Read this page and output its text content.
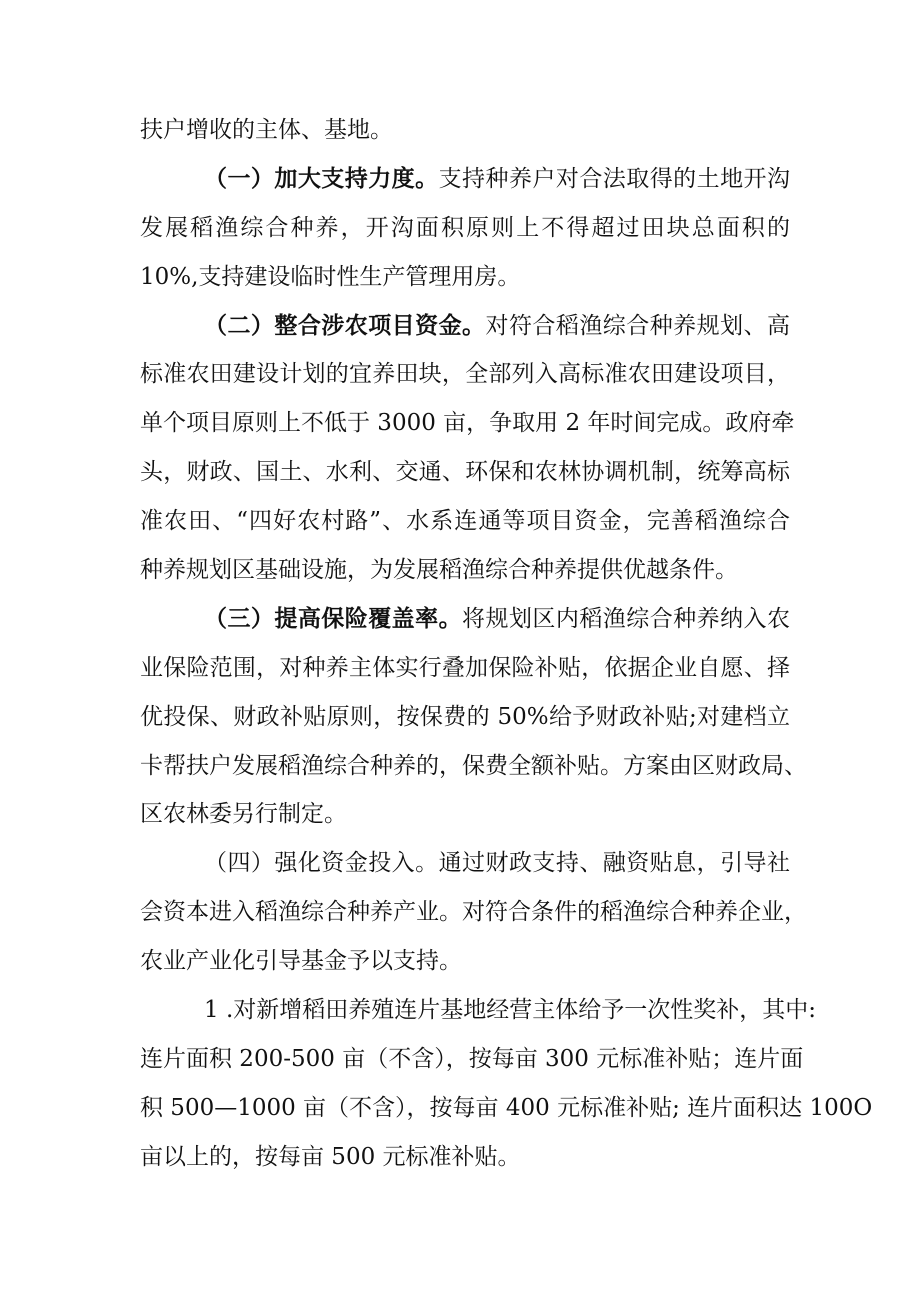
扶户增收的主体、基地。
（一）加大支持力度。支持种养户对合法取得的土地开沟
发展稻渔综合种养，开沟面积原则上不得超过田块总面积的
10%,支持建设临时性生产管理用房。
（二）整合涉农项目资金。对符合稻渔综合种养规划、高
标准农田建设计划的宜养田块，全部列入高标准农田建设项目，
单个项目原则上不低于 3000 亩，争取用 2 年时间完成。政府牵
头，财政、国土、水利、交通、环保和农林协调机制，统筹高标
准农田、“四好农村路”、水系连通等项目资金，完善稻渔综合
种养规划区基础设施，为发展稻渔综合种养提供优越条件。
（三）提高保险覆盖率。将规划区内稻渔综合种养纳入农
业保险范围，对种养主体实行叠加保险补贴，依据企业自愿、择
优投保、财政补贴原则，按保费的 50%给予财政补贴;对建档立
卡帮扶户发展稻渔综合种养的，保费全额补贴。方案由区财政局、
区农林委另行制定。
（四）强化资金投入。通过财政支持、融资贴息，引导社
会资本进入稻渔综合种养产业。对符合条件的稻渔综合种养企业，
农业产业化引导基金予以支持。
1 .对新增稻田养殖连片基地经营主体给予一次性奖补，其中:
连片面积 200-500 亩（不含），按每亩 300 元标准补贴；连片面
积 500—1000 亩（不含），按每亩 400 元标准补贴; 连片面积达 100O
亩以上的，按每亩 500 元标准补贴。
